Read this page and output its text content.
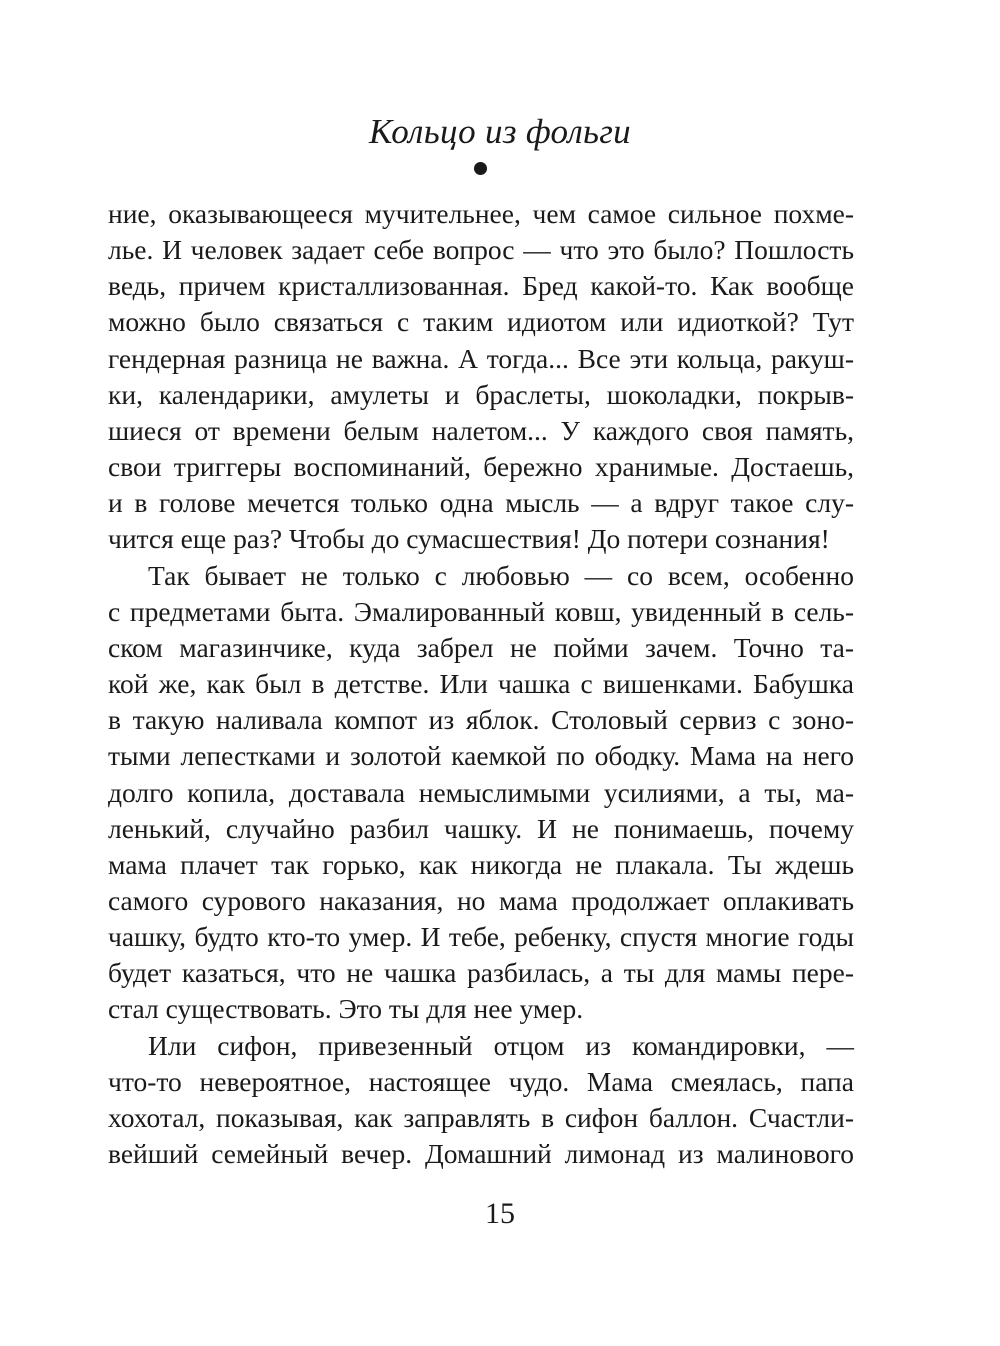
Кольцо из фольги
ние, оказывающееся мучительнее, чем самое сильное похме-
лье. И человек задает себе вопрос — что это было? Пошлость
ведь, причем кристаллизованная. Бред какой-то. Как вообще
можно было связаться с таким идиотом или идиоткой? Тут
гендерная разница не важна. А тогда... Все эти кольца, ракуш-
ки, календарики, амулеты и браслеты, шоколадки, покрыв-
шиеся от времени белым налетом... У каждого своя память,
свои триггеры воспоминаний, бережно хранимые. Достаешь,
и в голове мечется только одна мысль — а вдруг такое слу-
чится еще раз? Чтобы до сумасшествия! До потери сознания!
Так бывает не только с любовью — со всем, особенно
с предметами быта. Эмалированный ковш, увиденный в сель-
ском магазинчике, куда забрел не пойми зачем. Точно та-
кой же, как был в детстве. Или чашка с вишенками. Бабушка
в такую наливала компот из яблок. Столовый сервиз с зоно-
тыми лепестками и золотой каемкой по ободку. Мама на него
долго копила, доставала немыслимыми усилиями, а ты, ма-
ленький, случайно разбил чашку. И не понимаешь, почему
мама плачет так горько, как никогда не плакала. Ты ждешь
самого сурового наказания, но мама продолжает оплакивать
чашку, будто кто-то умер. И тебе, ребенку, спустя многие годы
будет казаться, что не чашка разбилась, а ты для мамы пере-
стал существовать. Это ты для нее умер.
Или сифон, привезенный отцом из командировки, —
что-то невероятное, настоящее чудо. Мама смеялась, папа
хохотал, показывая, как заправлять в сифон баллон. Счастли-
вейший семейный вечер. Домашний лимонад из малинового
15
